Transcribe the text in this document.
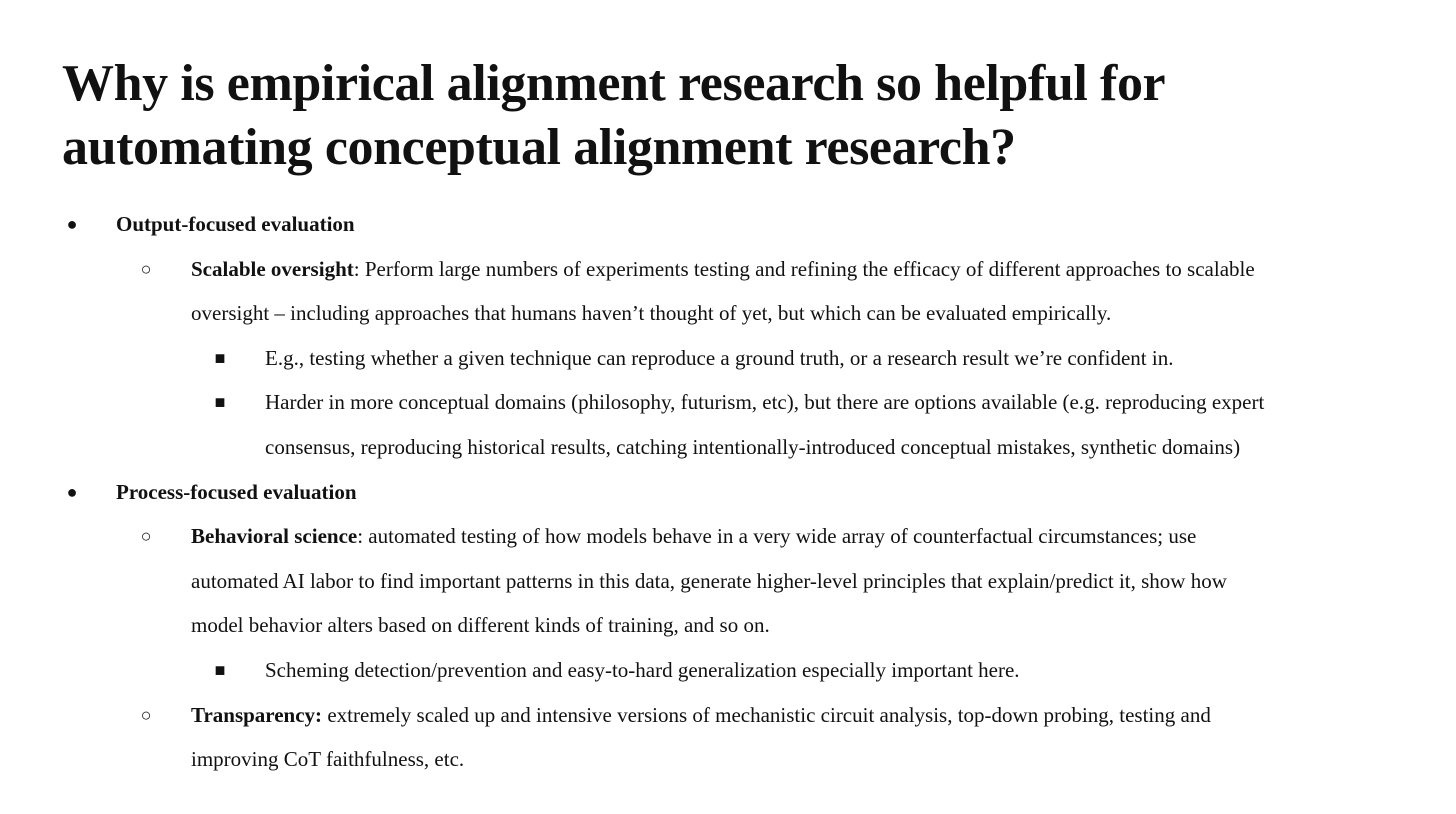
Why is empirical alignment research so helpful for
automating conceptual alignment research?
● Output-focused evaluation
○ Scalable oversight: Perform large numbers of experiments testing and refining the efficacy of different approaches to scalable
oversight – including approaches that humans haven’t thought of yet, but which can be evaluated empirically.
■ E.g., testing whether a given technique can reproduce a ground truth, or a research result we’re confident in.
■ Harder in more conceptual domains (philosophy, futurism, etc), but there are options available (e.g. reproducing expert
consensus, reproducing historical results, catching intentionally-introduced conceptual mistakes, synthetic domains)
● Process-focused evaluation
○ Behavioral science: automated testing of how models behave in a very wide array of counterfactual circumstances; use
automated AI labor to find important patterns in this data, generate higher-level principles that explain/predict it, show how
model behavior alters based on different kinds of training, and so on.
■ Scheming detection/prevention and easy-to-hard generalization especially important here.
○ Transparency: extremely scaled up and intensive versions of mechanistic circuit analysis, top-down probing, testing and
improving CoT faithfulness, etc.
